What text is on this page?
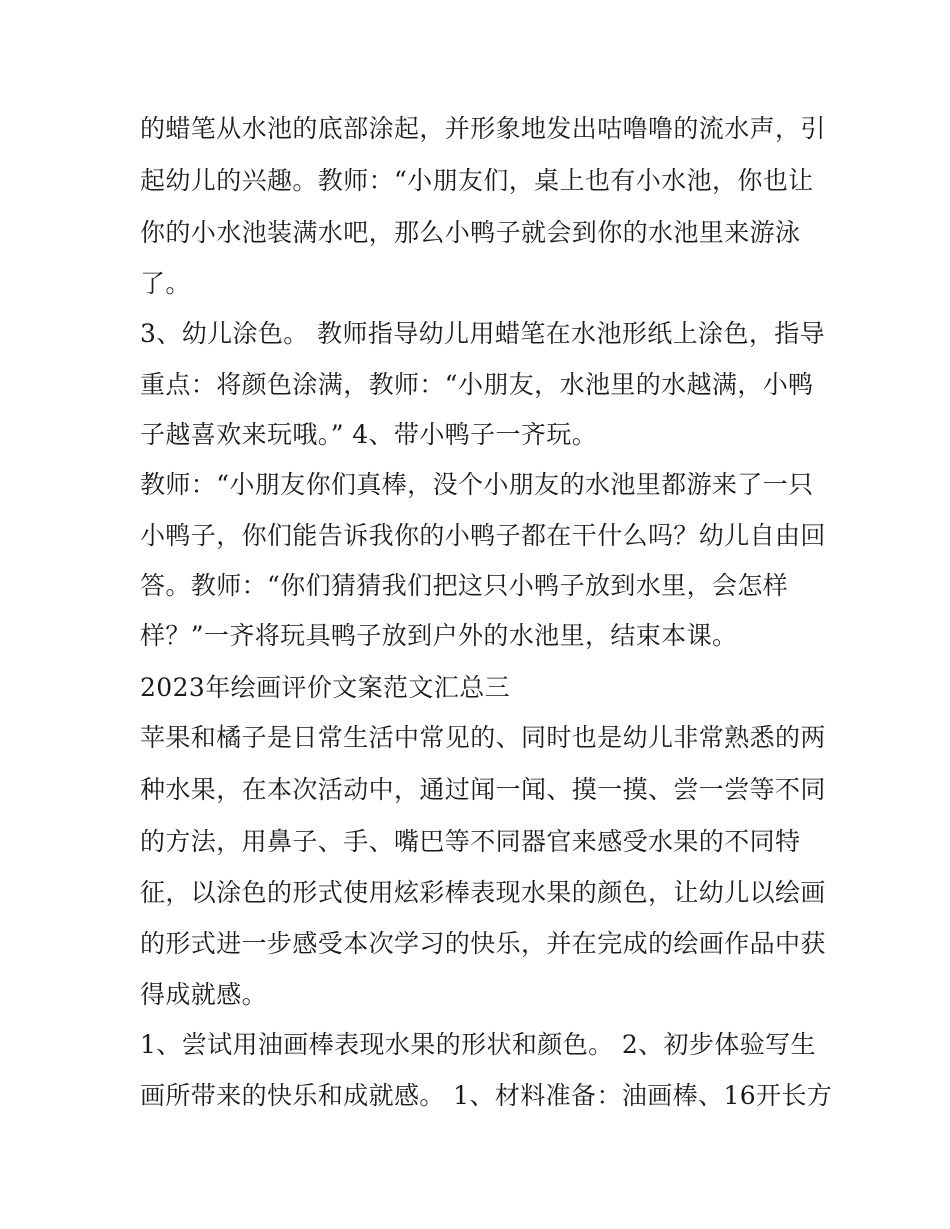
的蜡笔从水池的底部涂起，并形象地发出咕噜噜的流水声，引
起幼儿的兴趣。教师：“小朋友们，桌上也有小水池，你也让
你的小水池装满水吧，那么小鸭子就会到你的水池里来游泳
了。
3、幼儿涂色。 教师指导幼儿用蜡笔在水池形纸上涂色，指导
重点：将颜色涂满，教师：“小朋友，水池里的水越满，小鸭
子越喜欢来玩哦。” 4、带小鸭子一齐玩。
教师：“小朋友你们真棒，没个小朋友的水池里都游来了一只
小鸭子，你们能告诉我你的小鸭子都在干什么吗？幼儿自由回
答。教师：“你们猜猜我们把这只小鸭子放到水里，会怎样
样？”一齐将玩具鸭子放到户外的水池里，结束本课。
2023年绘画评价文案范文汇总三
苹果和橘子是日常生活中常见的、同时也是幼儿非常熟悉的两
种水果，在本次活动中，通过闻一闻、摸一摸、尝一尝等不同
的方法，用鼻子、手、嘴巴等不同器官来感受水果的不同特
征，以涂色的形式使用炫彩棒表现水果的颜色，让幼儿以绘画
的形式进一步感受本次学习的快乐，并在完成的绘画作品中获
得成就感。
1、尝试用油画棒表现水果的形状和颜色。 2、初步体验写生
画所带来的快乐和成就感。 1、材料准备：油画棒、16开长方
